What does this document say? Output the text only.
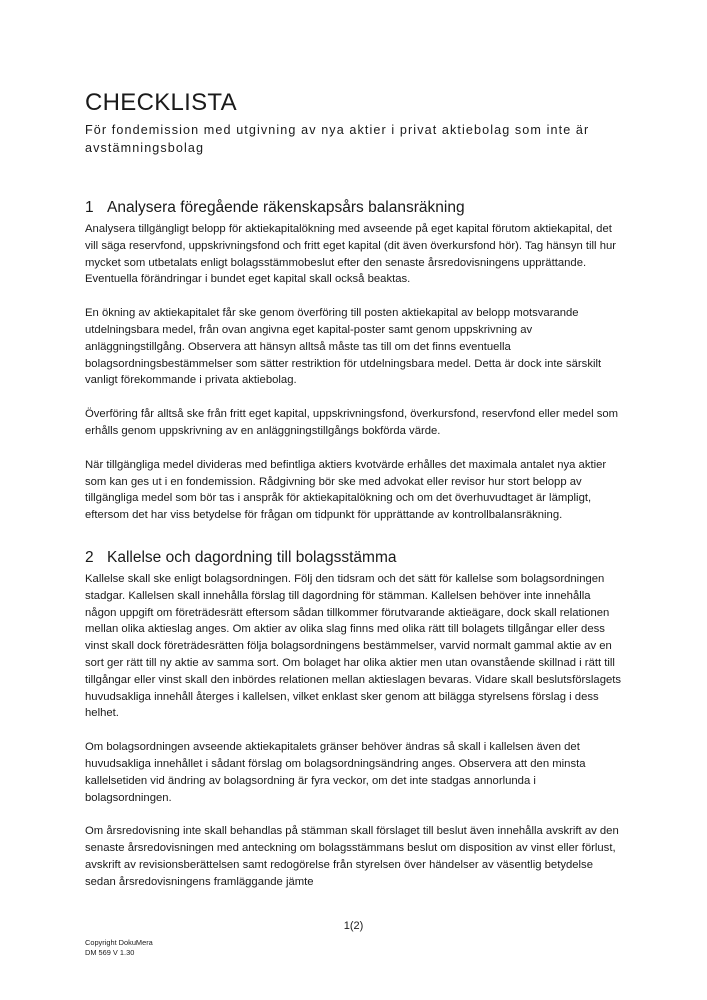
CHECKLISTA

För fondemission med utgivning av nya aktier i privat aktiebolag som inte är avstämningsbolag

1 Analysera föregående räkenskapsårs balansräkning

Analysera tillgängligt belopp för aktiekapitalökning med avseende på eget kapital förutom aktiekapital, det vill säga reservfond, uppskrivningsfond och fritt eget kapital (dit även överkursfond hör). Tag hänsyn till hur mycket som utbetalats enligt bolagsstämmobeslut efter den senaste årsredovisningens upprättande. Eventuella förändringar i bundet eget kapital skall också beaktas.

En ökning av aktiekapitalet får ske genom överföring till posten aktiekapital av belopp motsvarande utdelningsbara medel, från ovan angivna eget kapital-poster samt genom uppskrivning av anläggningstillgång. Observera att hänsyn alltså måste tas till om det finns eventuella bolagsordningsbestämmelser som sätter restriktion för utdelningsbara medel. Detta är dock inte särskilt vanligt förekommande i privata aktiebolag.

Överföring får alltså ske från fritt eget kapital, uppskrivningsfond, överkursfond, reservfond eller medel som erhålls genom uppskrivning av en anläggningstillgångs bokförda värde.

När tillgängliga medel divideras med befintliga aktiers kvotvärde erhålles det maximala antalet nya aktier som kan ges ut i en fondemission. Rådgivning bör ske med advokat eller revisor hur stort belopp av tillgängliga medel som bör tas i anspråk för aktiekapitalökning och om det överhuvudtaget är lämpligt, eftersom det har viss betydelse för frågan om tidpunkt för upprättande av kontrollbalansräkning.

2 Kallelse och dagordning till bolagsstämma

Kallelse skall ske enligt bolagsordningen. Följ den tidsram och det sätt för kallelse som bolagsordningen stadgar. Kallelsen skall innehålla förslag till dagordning för stämman. Kallelsen behöver inte innehålla någon uppgift om företrädesrätt eftersom sådan tillkommer förutvarande aktieägare, dock skall relationen mellan olika aktieslag anges. Om aktier av olika slag finns med olika rätt till bolagets tillgångar eller dess vinst skall dock företrädesrätten följa bolagsordningens bestämmelser, varvid normalt gammal aktie av en sort ger rätt till ny aktie av samma sort. Om bolaget har olika aktier men utan ovanstående skillnad i rätt till tillgångar eller vinst skall den inbördes relationen mellan aktieslagen bevaras. Vidare skall beslutsförslagets huvudsakliga innehåll återges i kallelsen, vilket enklast sker genom att bilägga styrelsens förslag i dess helhet.

Om bolagsordningen avseende aktiekapitalets gränser behöver ändras så skall i kallelsen även det huvudsakliga innehållet i sådant förslag om bolagsordningsändring anges. Observera att den minsta kallelsetiden vid ändring av bolagsordning är fyra veckor, om det inte stadgas annorlunda i bolagsordningen.

Om årsredovisning inte skall behandlas på stämman skall förslaget till beslut även innehålla avskrift av den senaste årsredovisningen med anteckning om bolagsstämmans beslut om disposition av vinst eller förlust, avskrift av revisionsberättelsen samt redogörelse från styrelsen över händelser av väsentlig betydelse sedan årsredovisningens framläggande jämte

1(2)
Copyright DokuMera
DM 569 V 1.30
